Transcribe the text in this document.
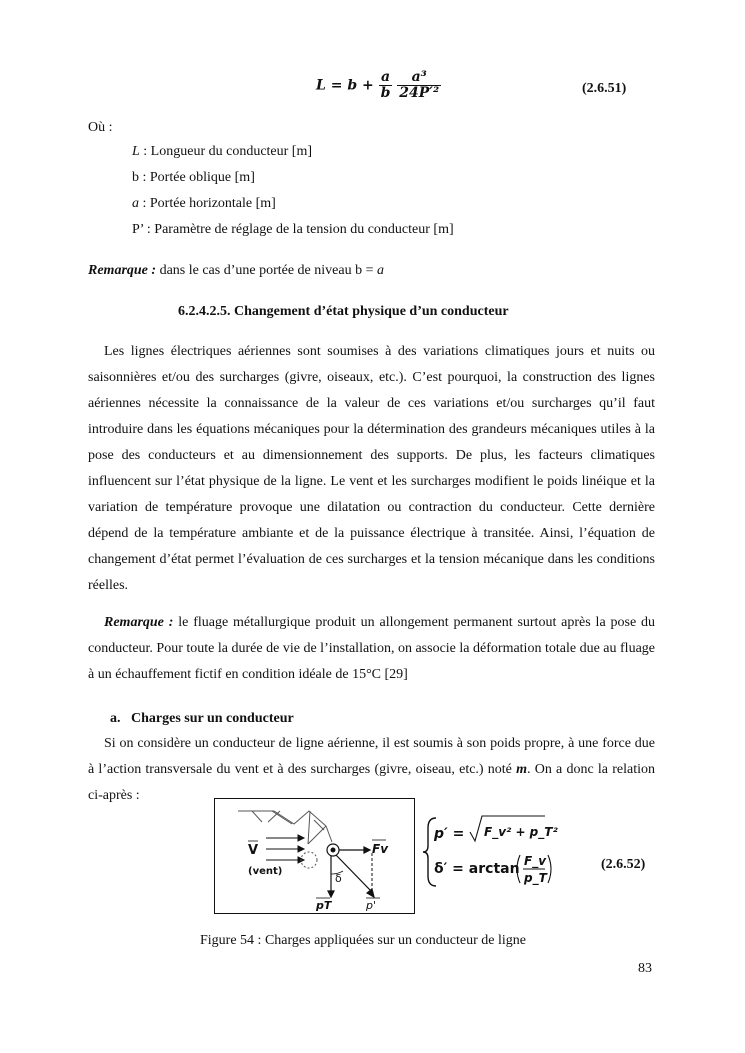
$L = b + \frac{a}{b}$
$\frac{\text{a³}}{\text{24P′²}}$	(2.6.51)
Où :
L : Longueur du conducteur [m]
b : Portée oblique [m]
a : Portée horizontale [m]
P’ : Paramètre de réglage de la tension du conducteur [m]
Remarque : dans le cas d’une portée de niveau b = a
6.2.4.2.5. Changement d’état physique d’un conducteur

Les lignes électriques aériennes sont soumises à des variations climatiques jours et nuits ou saisonnières et/ou des surcharges (givre, oiseaux, etc.). C’est pourquoi, la construction des lignes aériennes nécessite la connaissance de la valeur de ces variations et/ou surcharges qu’il faut introduire dans les équations mécaniques pour la détermination des grandeurs mécaniques utiles à la pose des conducteurs et au dimensionnement des supports. De plus, les facteurs climatiques influencent sur l’état physique de la ligne. Le vent et les surcharges modifient le poids linéique et la variation de température provoque une dilatation ou contraction du conducteur. Cette dernière dépend de la température ambiante et de la puissance électrique à transitée. Ainsi, l’équation de changement d’état permet l’évaluation de ces surcharges et la tension mécanique dans les conditions réelles.

Remarque : le fluage métallurgique produit un allongement permanent surtout après la pose du conducteur. Pour toute la durée de vie de l’installation, on associe la déformation totale due au fluage à un échauffement fictif en condition idéale de 15°C [29]

a.   Charges sur un conducteur

Si on considère un conducteur de ligne aérienne, il est soumis à son poids propre, à une force due à l’action transversale du vent et à des surcharges (givre, oiseau, etc.) noté m. On a donc la relation ci-après :

V
(vent)
Fv
δ
pT	p'
p′ = F_v² + p_T²
δ′ = arctan F_v
p_T
(2.6.52)
Figure 54 : Charges appliquées sur un conducteur de ligne
83
